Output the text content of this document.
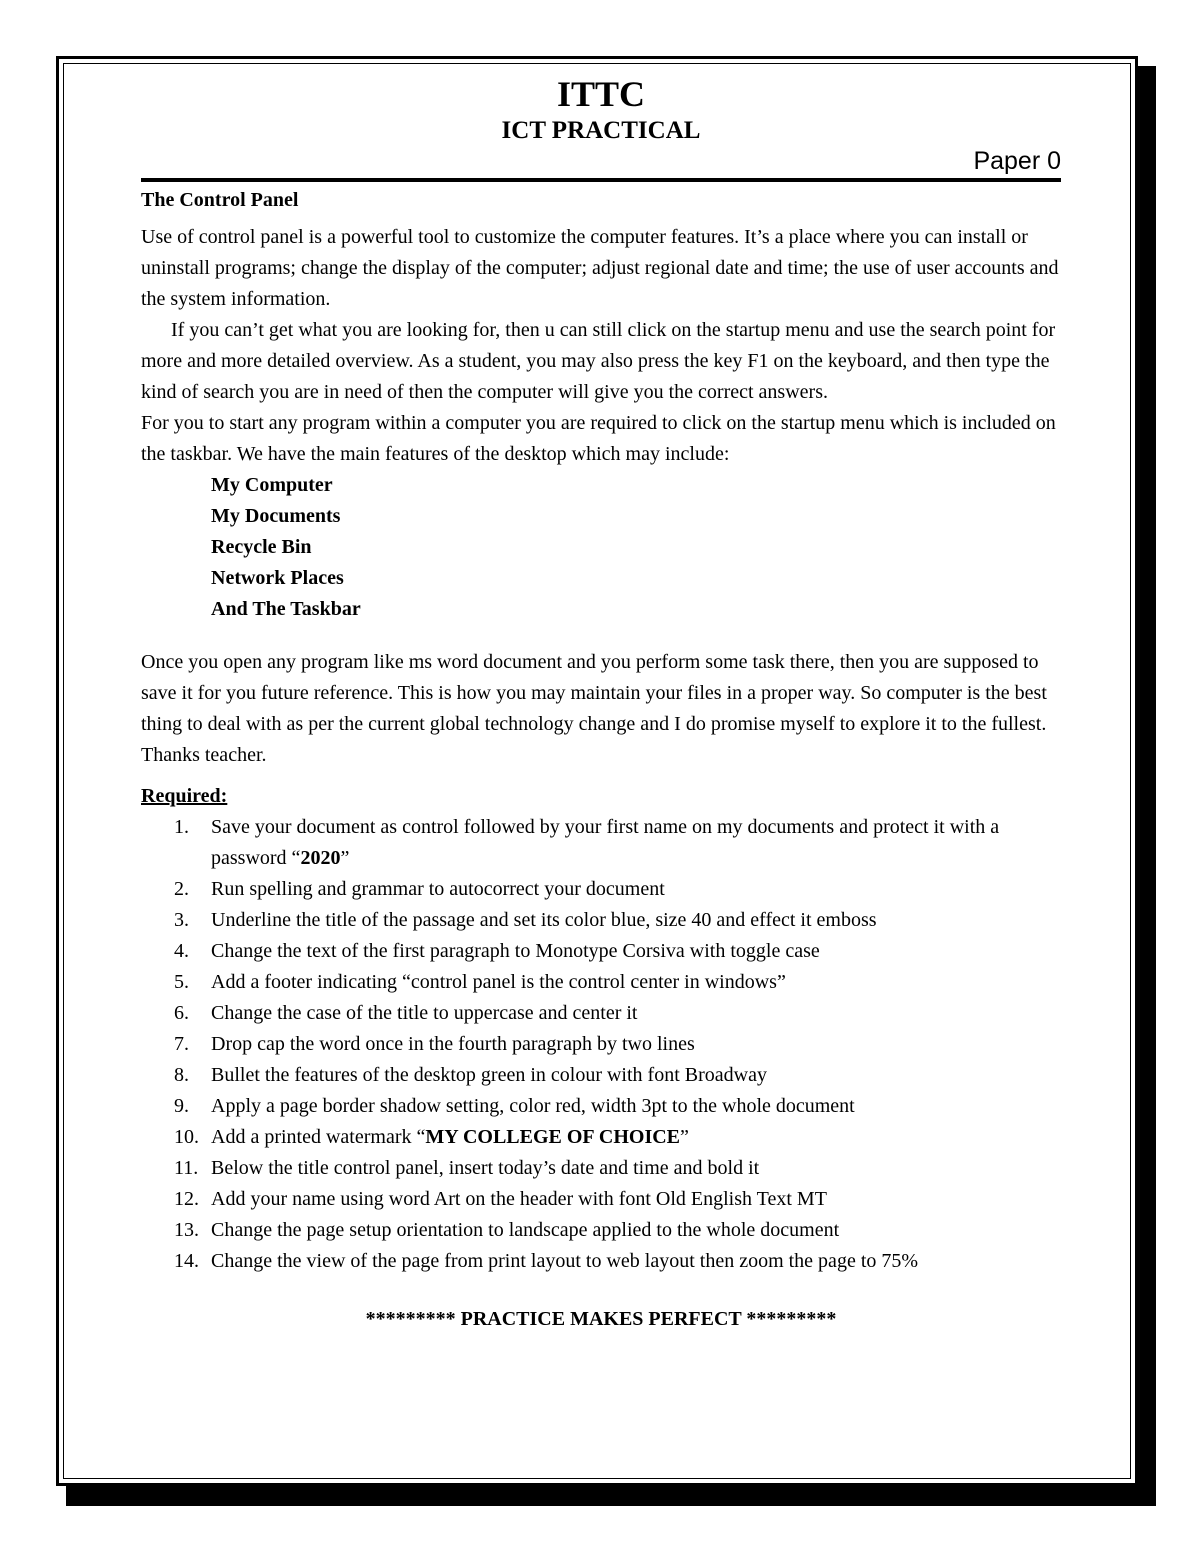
ITTC
ICT PRACTICAL
Paper 0
The Control Panel

Use of control panel is a powerful tool to customize the computer features. It’s a place where you can install or uninstall programs; change the display of the computer; adjust regional date and time; the use of user accounts and the system information.

If you can’t get what you are looking for, then u can still click on the startup menu and use the search point for more and more detailed overview. As a student, you may also press the key F1 on the keyboard, and then type the kind of search you are in need of then the computer will give you the correct answers.

For you to start any program within a computer you are required to click on the startup menu which is included on the taskbar. We have the main features of the desktop which may include:

My Computer
My Documents
Recycle Bin
Network Places
And The Taskbar

Once you open any program like ms word document and you perform some task there, then you are supposed to save it for you future reference. This is how you may maintain your files in a proper way. So computer is the best thing to deal with as per the current global technology change and I do promise myself to explore it to the fullest. Thanks teacher.

Required:
1. Save your document as control followed by your first name on my documents and protect it with a password “2020”
2. Run spelling and grammar to autocorrect your document
3. Underline the title of the passage and set its color blue, size 40 and effect it emboss
4. Change the text of the first paragraph to Monotype Corsiva with toggle case
5. Add a footer indicating “control panel is the control center in windows”
6. Change the case of the title to uppercase and center it
7. Drop cap the word once in the fourth paragraph by two lines
8. Bullet the features of the desktop green in colour with font Broadway
9. Apply a page border shadow setting, color red, width 3pt to the whole document
10. Add a printed watermark “MY COLLEGE OF CHOICE”
11. Below the title control panel, insert today’s date and time and bold it
12. Add your name using word Art on the header with font Old English Text MT
13. Change the page setup orientation to landscape applied to the whole document
14. Change the view of the page from print layout to web layout then zoom the page to 75%
********* PRACTICE MAKES PERFECT *********
